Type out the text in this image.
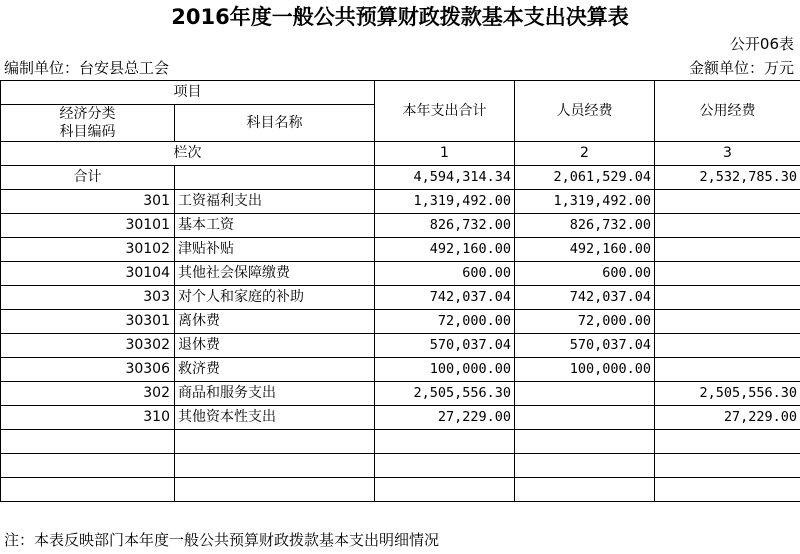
2016年度一般公共预算财政拨款基本支出决算表
公开06表
编制单位：台安县总工会	金额单位：万元
项目		本年支出合计	人员经费	公用经费

经济分类
科目编码	科目名称			

栏次		1	2	3
合计		4,594,314.34	2,061,529.04	2,532,785.30
301	工资福利支出	1,319,492.00	1,319,492.00	
30101	基本工资	826,732.00	826,732.00	
30102	津贴补贴	492,160.00	492,160.00	
30104	其他社会保障缴费	600.00	600.00	
303	对个人和家庭的补助	742,037.04	742,037.04	
30301	离休费	72,000.00	72,000.00	
30302	退休费	570,037.04	570,037.04	
30306	救济费	100,000.00	100,000.00	
302	商品和服务支出	2,505,556.30		2,505,556.30
310	其他资本性支出	27,229.00		27,229.00

注：本表反映部门本年度一般公共预算财政拨款基本支出明细情况
